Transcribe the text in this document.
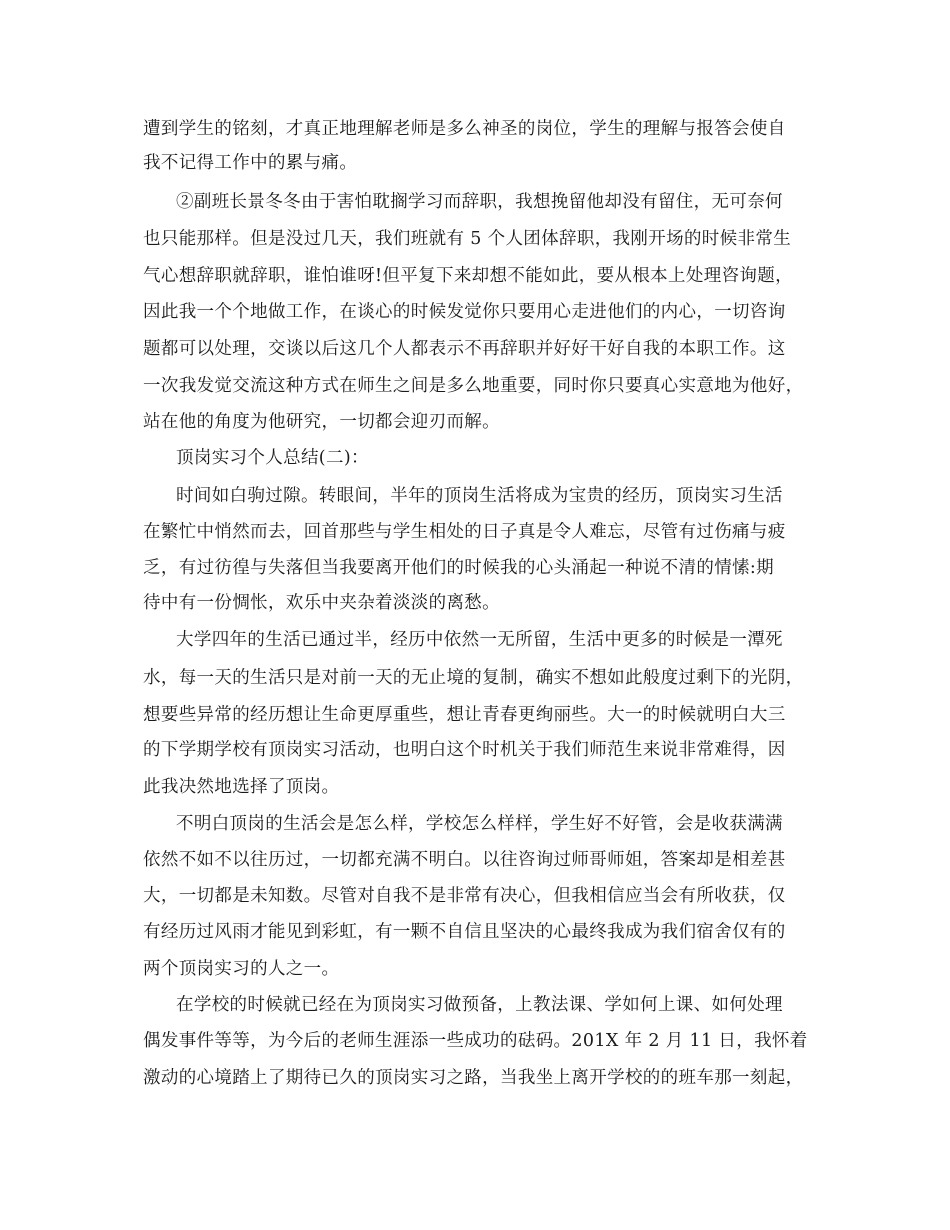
遭到学生的铭刻，才真正地理解老师是多么神圣的岗位，学生的理解与报答会使自
我不记得工作中的累与痛。
②副班长景冬冬由于害怕耽搁学习而辞职，我想挽留他却没有留住，无可奈何
也只能那样。但是没过几天，我们班就有 5 个人团体辞职，我刚开场的时候非常生
气心想辞职就辞职，谁怕谁呀!但平复下来却想不能如此，要从根本上处理咨询题，
因此我一个个地做工作，在谈心的时候发觉你只要用心走进他们的内心，一切咨询
题都可以处理，交谈以后这几个人都表示不再辞职并好好干好自我的本职工作。这
一次我发觉交流这种方式在师生之间是多么地重要，同时你只要真心实意地为他好，
站在他的角度为他研究，一切都会迎刃而解。
顶岗实习个人总结(二)：
时间如白驹过隙。转眼间，半年的顶岗生活将成为宝贵的经历，顶岗实习生活
在繁忙中悄然而去，回首那些与学生相处的日子真是令人难忘，尽管有过伤痛与疲
乏，有过彷徨与失落但当我要离开他们的时候我的心头涌起一种说不清的情愫:期
待中有一份惆怅，欢乐中夹杂着淡淡的离愁。
大学四年的生活已通过半，经历中依然一无所留，生活中更多的时候是一潭死
水，每一天的生活只是对前一天的无止境的复制，确实不想如此般度过剩下的光阴，
想要些异常的经历想让生命更厚重些，想让青春更绚丽些。大一的时候就明白大三
的下学期学校有顶岗实习活动，也明白这个时机关于我们师范生来说非常难得，因
此我决然地选择了顶岗。
不明白顶岗的生活会是怎么样，学校怎么样样，学生好不好管，会是收获满满
依然不如不以往历过，一切都充满不明白。以往咨询过师哥师姐，答案却是相差甚
大，一切都是未知数。尽管对自我不是非常有决心，但我相信应当会有所收获，仅
有经历过风雨才能见到彩虹，有一颗不自信且坚决的心最终我成为我们宿舍仅有的
两个顶岗实习的人之一。
在学校的时候就已经在为顶岗实习做预备，上教法课、学如何上课、如何处理
偶发事件等等，为今后的老师生涯添一些成功的砝码。201X 年 2 月 11 日，我怀着
激动的心境踏上了期待已久的顶岗实习之路，当我坐上离开学校的的班车那一刻起，
